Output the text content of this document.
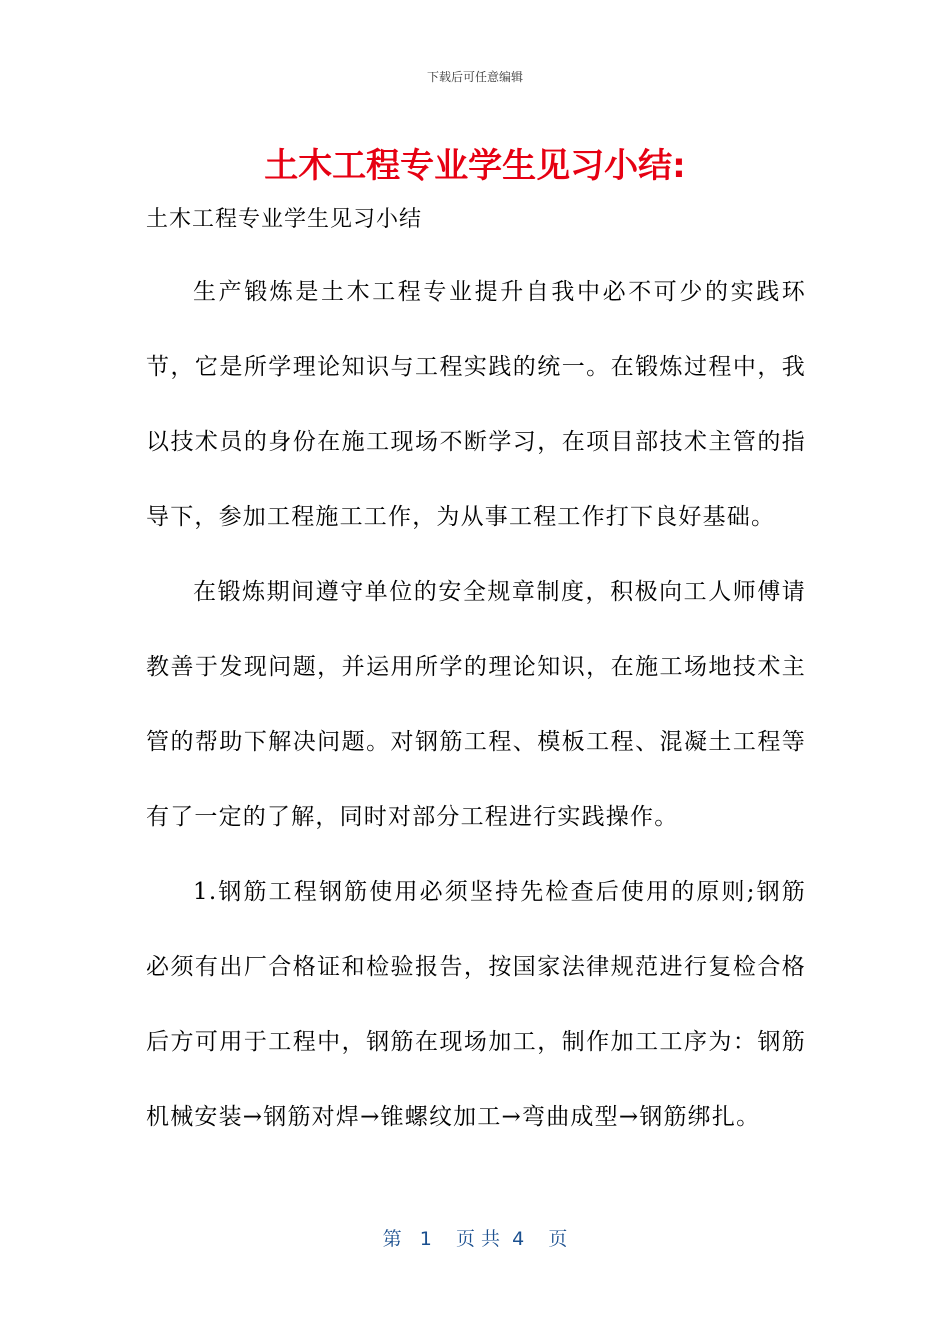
下载后可任意编辑
土木工程专业学生见习小结:
土木工程专业学生见习小结

生产锻炼是土木工程专业提升自我中必不可少的实践环节，它是所学理论知识与工程实践的统一。在锻炼过程中，我以技术员的身份在施工现场不断学习，在项目部技术主管的指导下，参加工程施工工作，为从事工程工作打下良好基础。

在锻炼期间遵守单位的安全规章制度，积极向工人师傅请教善于发现问题，并运用所学的理论知识，在施工场地技术主管的帮助下解决问题。对钢筋工程、模板工程、混凝土工程等有了一定的了解，同时对部分工程进行实践操作。

1.钢筋工程钢筋使用必须坚持先检查后使用的原则;钢筋必须有出厂合格证和检验报告，按国家法律规范进行复检合格后方可用于工程中，钢筋在现场加工，制作加工工序为：钢筋机械安装→钢筋对焊→锥螺纹加工→弯曲成型→钢筋绑扎。

第   1    页 共  4    页
